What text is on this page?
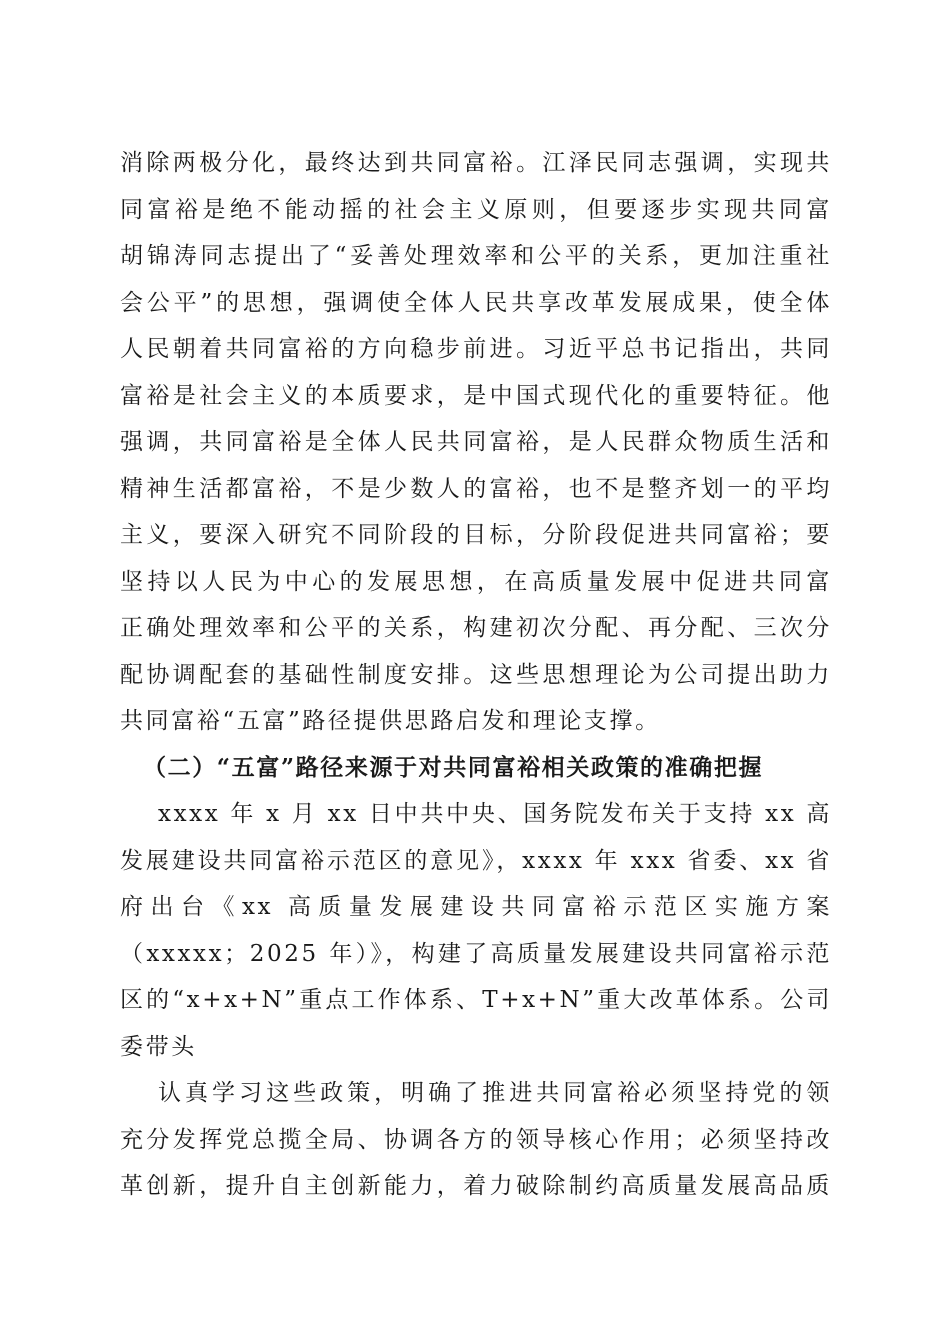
消除两极分化，最终达到共同富裕。江泽民同志强调，实现共
同富裕是绝不能动摇的社会主义原则，但要逐步实现共同富
胡锦涛同志提出了“妥善处理效率和公平的关系，更加注重社
会公平”的思想，强调使全体人民共享改革发展成果，使全体
人民朝着共同富裕的方向稳步前进。习近平总书记指出，共同
富裕是社会主义的本质要求，是中国式现代化的重要特征。他
强调，共同富裕是全体人民共同富裕，是人民群众物质生活和
精神生活都富裕，不是少数人的富裕，也不是整齐划一的平均
主义，要深入研究不同阶段的目标，分阶段促进共同富裕；要
坚持以人民为中心的发展思想，在高质量发展中促进共同富
正确处理效率和公平的关系，构建初次分配、再分配、三次分
配协调配套的基础性制度安排。这些思想理论为公司提出助力
共同富裕“五富”路径提供思路启发和理论支撑。
（二）“五富”路径来源于对共同富裕相关政策的准确把握
xxxx 年 x 月 xx 日中共中央、国务院发布关于支持 xx 高
发展建设共同富裕示范区的意见》，xxxx 年 xxx 省委、xx 省
府出台《xx 高质量发展建设共同富裕示范区实施方案
（xxxxx；2025 年）》，构建了高质量发展建设共同富裕示范
区的“x+x+N”重点工作体系、T+x+N”重大改革体系。公司
委带头
认真学习这些政策，明确了推进共同富裕必须坚持党的领
充分发挥党总揽全局、协调各方的领导核心作用；必须坚持改
革创新，提升自主创新能力，着力破除制约高质量发展高品质
